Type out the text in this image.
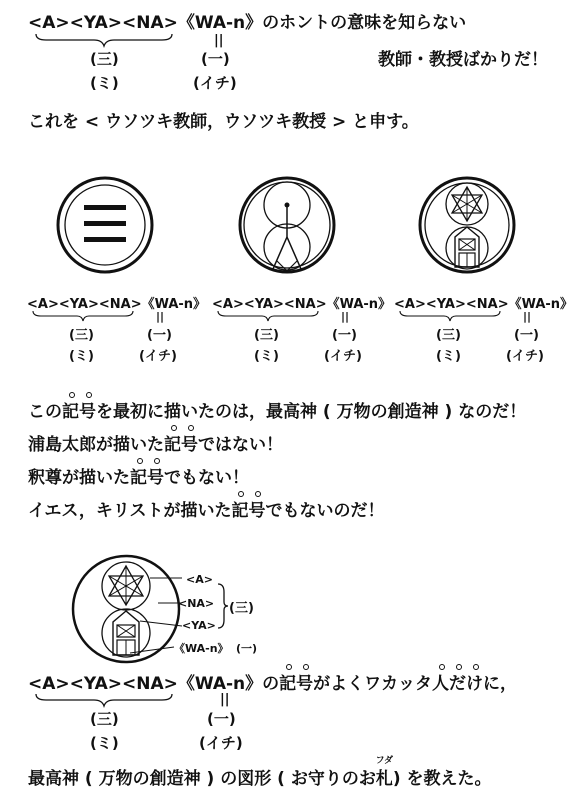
<A><YA><NA>《WA-n》のホントの意味を知らない
(三)
(ミ)
||
(一)
(イチ)
教師・教授ばかりだ！
これを < ウソツキ教師，ウソツキ教授 > と申す。
<A><YA><NA>《WA-n》
(三)
(ミ)
||
(一)
(イチ)
<A><YA><NA>《WA-n》
(三)
(ミ)
||
(一)
(イチ)
<A><YA><NA>《WA-n》
(三)
(ミ)
||
(一)
(イチ)
この記号を最初に描いたのは，最高神 ( 万物の創造神 ) なのだ！
浦島太郎が描いた記号ではない！
釈尊が描いた記号でもない！
イエス，キリストが描いた記号でもないのだ！
<A>
<NA>
<YA>
《WA-n》
(三)
(一)
<A><YA><NA>《WA-n》の記号がよくワカッタ人だけに，
(三)
(ミ)
||
(一)
(イチ)
最高神 ( 万物の創造神 ) の図形 ( お守りのお
フダ
札) を教えた。
